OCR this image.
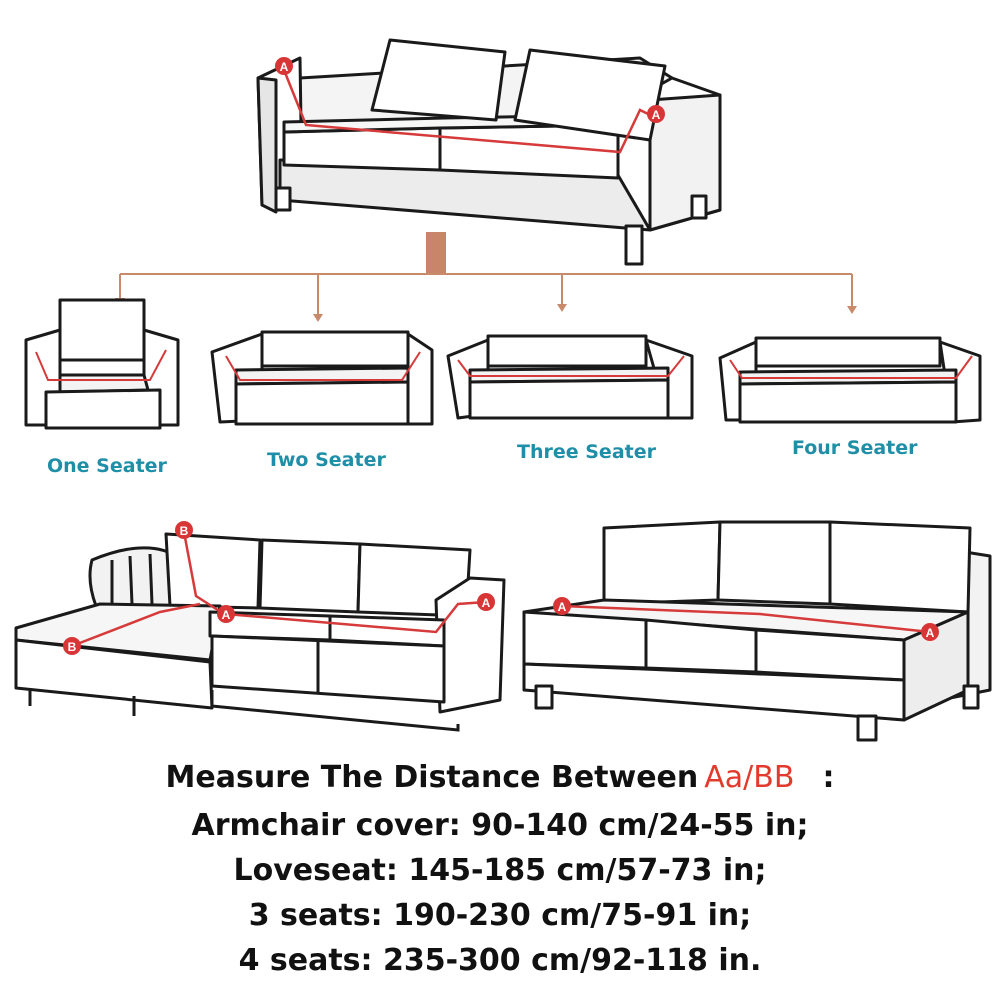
A
A
B
B
A
A	A
A
One Seater	Two Seater	Three Seater	Four Seater
Measure The Distance Between Aa/BB :
Armchair cover: 90-140 cm/24-55 in;
Loveseat: 145-185 cm/57-73 in;
3 seats: 190-230 cm/75-91 in;
4 seats: 235-300 cm/92-118 in.
